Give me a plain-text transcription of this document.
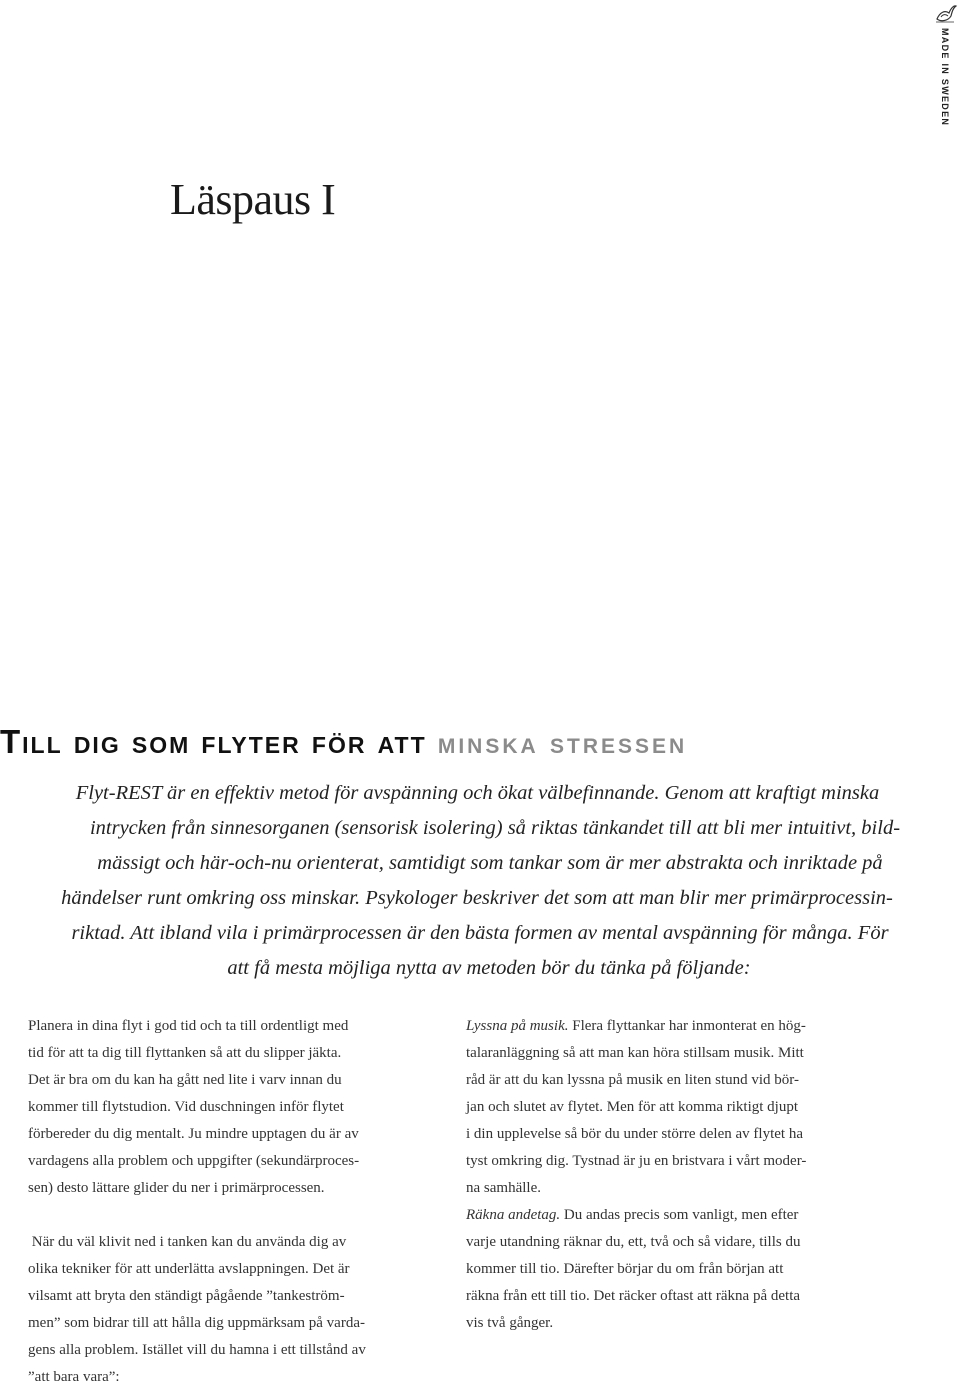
MADE IN SWEDEN
Läspaus I
Till dig som flyter för att minska stressen
Flyt-REST är en effektiv metod för avspänning och ökat välbefinnande. Genom att kraftigt minska
intrycken från sinnesorganen (sensorisk isolering) så riktas tänkandet till att bli mer intuitivt, bild-
mässigt och här-och-nu orienterat, samtidigt som tankar som är mer abstrakta och inriktade på
händelser runt omkring oss minskar. Psykologer beskriver det som att man blir mer primärprocessin-
riktad. Att ibland vila i primärprocessen är den bästa formen av mental avspänning för många. För
att få mesta möjliga nytta av metoden bör du tänka på följande:
Planera in dina flyt i god tid och ta till ordentligt med
tid för att ta dig till flyttanken så att du slipper jäkta.
Det är bra om du kan ha gått ned lite i varv innan du
kommer till flytstudion. Vid duschningen inför flytet
förbereder du dig mentalt. Ju mindre upptagen du är av
vardagens alla problem och uppgifter (sekundärproces-
sen) desto lättare glider du ner i primärprocessen.
När du väl klivit ned i tanken kan du använda dig av
olika tekniker för att underlätta avslappningen. Det är
vilsamt att bryta den ständigt pågående ”tankeström-
men” som bidrar till att hålla dig uppmärksam på varda-
gens alla problem. Istället vill du hamna i ett tillstånd av
”att bara vara”:
Lyssna på musik. Flera flyttankar har inmonterat en hög-
talaranläggning så att man kan höra stillsam musik. Mitt
råd är att du kan lyssna på musik en liten stund vid bör-
jan och slutet av flytet. Men för att komma riktigt djupt
i din upplevelse så bör du under större delen av flytet ha
tyst omkring dig. Tystnad är ju en bristvara i vårt moder-
na samhälle.
Räkna andetag. Du andas precis som vanligt, men efter
varje utandning räknar du, ett, två och så vidare, tills du
kommer till tio. Därefter börjar du om från början att
räkna från ett till tio. Det räcker oftast att räkna på detta
vis två gånger.
